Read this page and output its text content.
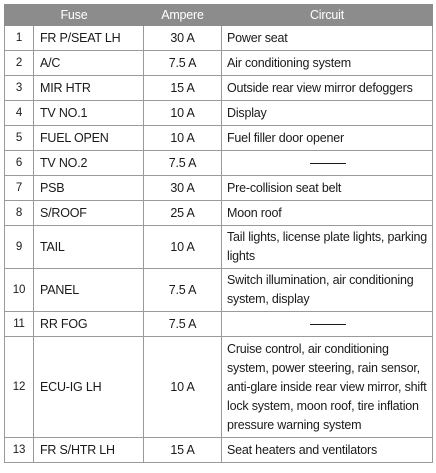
Fuse		Ampere	Circuit
1	FR P/SEAT LH	30 A	Power seat
2	A/C	7.5 A	Air conditioning system
3	MIR HTR	15 A	Outside rear view mirror defoggers
4	TV NO.1	10 A	Display
5	FUEL OPEN	10 A	Fuel filler door opener
6	TV NO.2	7.5 A	

7	PSB	30 A	Pre-collision seat belt
8	S/ROOF	25 A	Moon roof
9	TAIL	10 A	Tail lights, license plate lights, parking lights
10	PANEL	7.5 A	Switch illumination, air conditioning system, display
11	RR FOG	7.5 A	

12	ECU-IG LH	10 A	Cruise control, air conditioning system, power steering, rain sensor, anti-glare inside rear view mirror, shift lock system, moon roof, tire inflation pressure warning system
13	FR S/HTR LH	15 A	Seat heaters and ventilators
